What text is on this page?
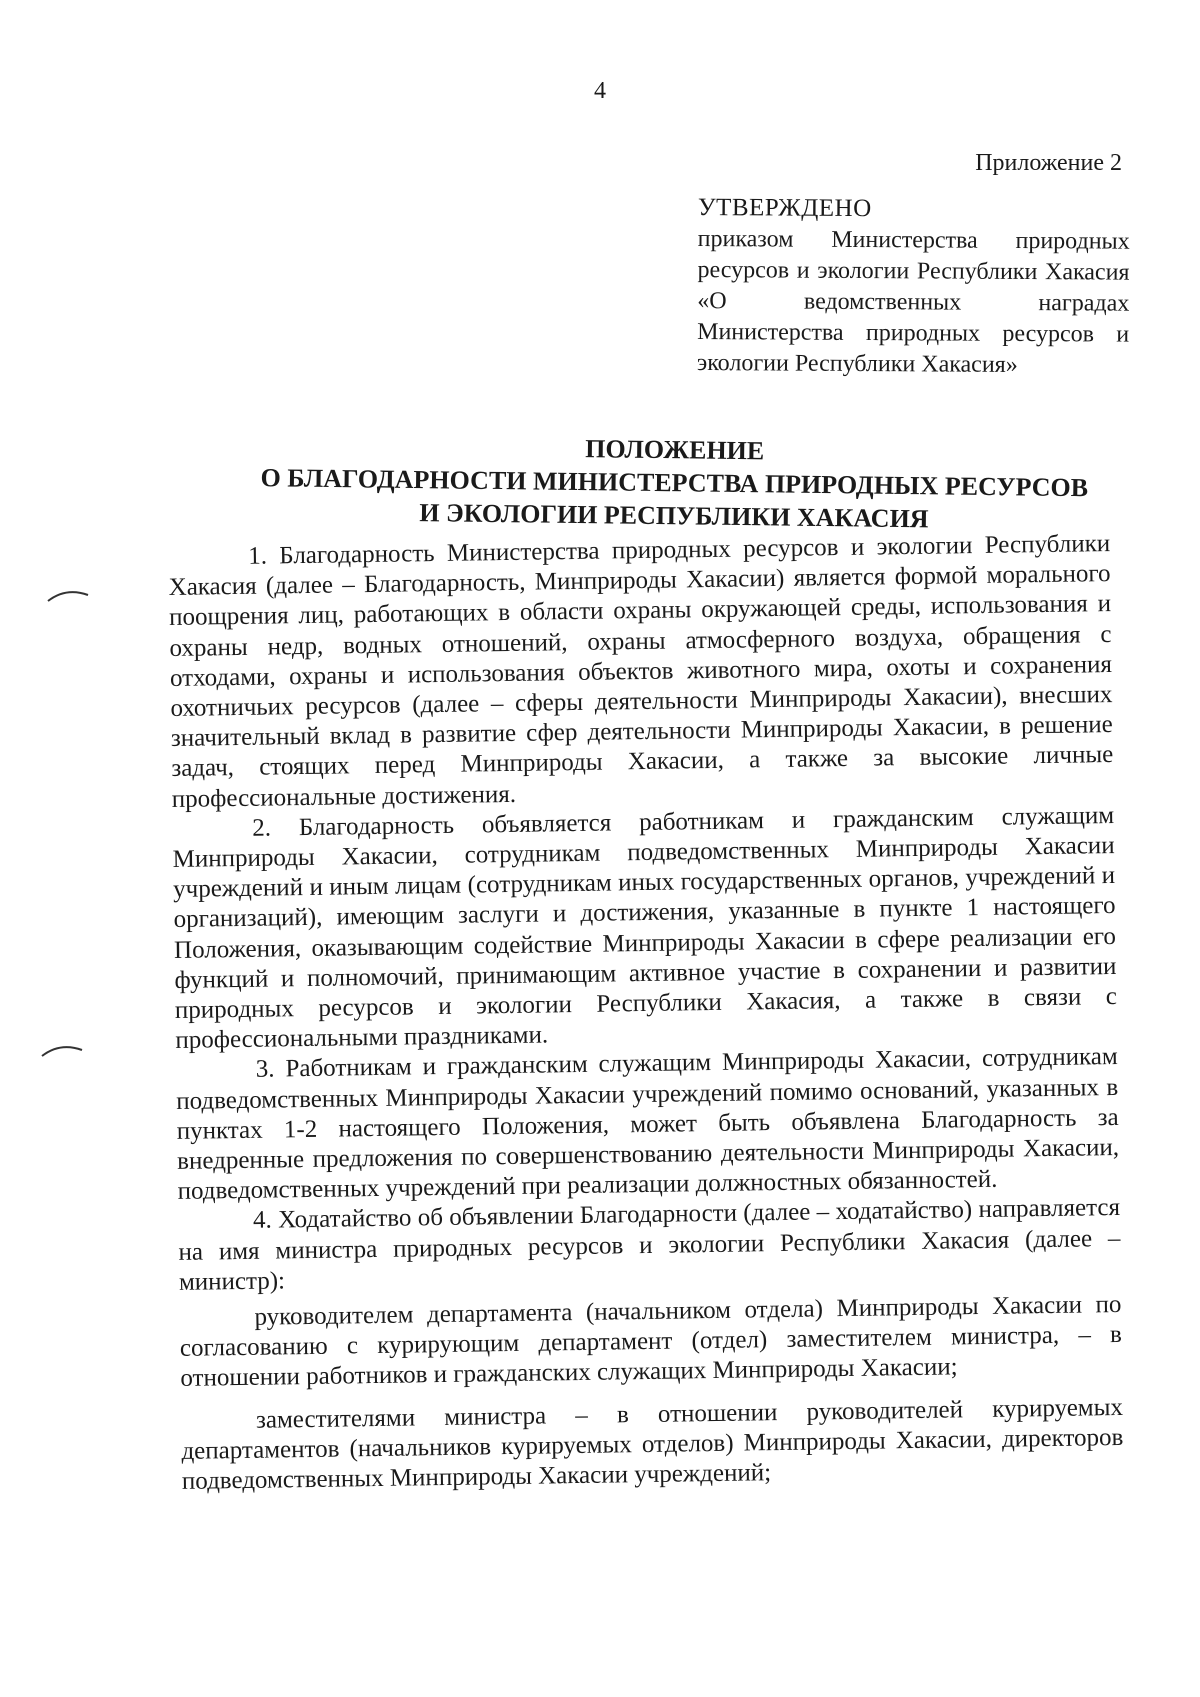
4
Приложение 2
УТВЕРЖДЕНО
приказом Министерства природных ресурсов и экологии Республики Хакасия «О ведомственных наградах Министерства природных ресурсов и экологии Республики Хакасия»
ПОЛОЖЕНИЕ
О БЛАГОДАРНОСТИ МИНИСТЕРСТВА ПРИРОДНЫХ РЕСУРСОВ
И ЭКОЛОГИИ РЕСПУБЛИКИ ХАКАСИЯ

1. Благодарность Министерства природных ресурсов и экологии Республики Хакасия (далее – Благодарность, Минприроды Хакасии) является формой морального поощрения лиц, работающих в области охраны окружающей среды, использования и охраны недр, водных отношений, охраны атмосферного воздуха, обращения с отходами, охраны и использования объектов животного мира, охоты и сохранения охотничьих ресурсов (далее – сферы деятельности Минприроды Хакасии), внесших значительный вклад в развитие сфер деятельности Минприроды Хакасии, в решение задач, стоящих перед Минприроды Хакасии, а также за высокие личные профессиональные достижения.

2. Благодарность объявляется работникам и гражданским служащим Минприроды Хакасии, сотрудникам подведомственных Минприроды Хакасии учреждений и иным лицам (сотрудникам иных государственных органов, учреждений и организаций), имеющим заслуги и достижения, указанные в пункте 1 настоящего Положения, оказывающим содействие Минприроды Хакасии в сфере реализации его функций и полномочий, принимающим активное участие в сохранении и развитии природных ресурсов и экологии Республики Хакасия, а также в связи с профессиональными праздниками.

3. Работникам и гражданским служащим Минприроды Хакасии, сотрудникам подведомственных Минприроды Хакасии учреждений помимо оснований, указанных в пунктах 1-2 настоящего Положения, может быть объявлена Благодарность за внедренные предложения по совершенствованию деятельности Минприроды Хакасии, подведомственных учреждений при реализации должностных обязанностей.

4. Ходатайство об объявлении Благодарности (далее – ходатайство) направляется на имя министра природных ресурсов и экологии Республики Хакасия (далее – министр):

руководителем департамента (начальником отдела) Минприроды Хакасии по согласованию с курирующим департамент (отдел) заместителем министра, – в отношении работников и гражданских служащих Минприроды Хакасии;

заместителями министра – в отношении руководителей курируемых департаментов (начальников курируемых отделов) Минприроды Хакасии, директоров подведомственных Минприроды Хакасии учреждений;
